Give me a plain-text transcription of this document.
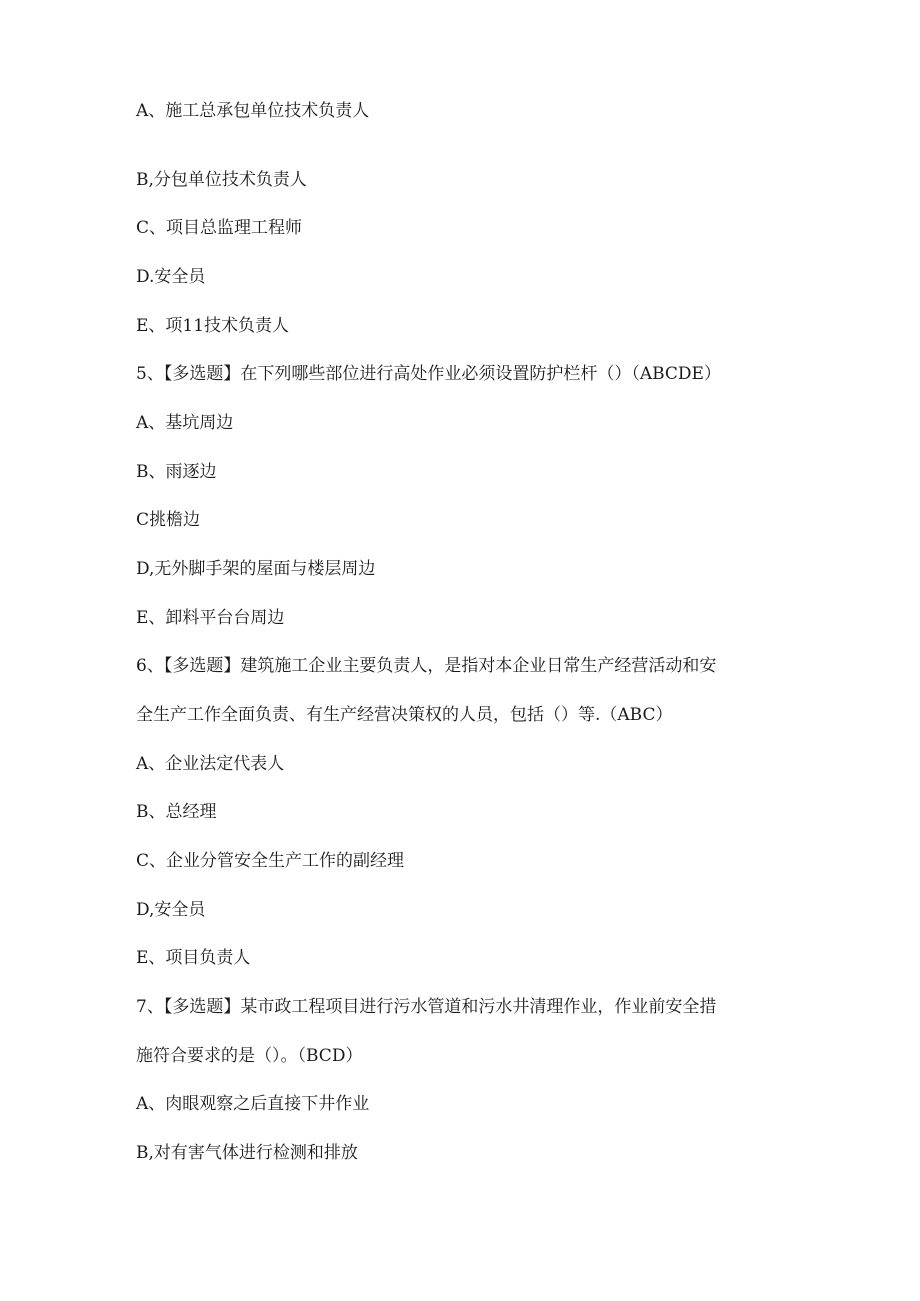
A、施工总承包单位技术负责人
B,分包单位技术负责人
C、项目总监理工程师
D.安全员
E、项11技术负责人
5、【多选题】在下列哪些部位进行高处作业必须设置防护栏杆（）（ABCDE）
A、基坑周边
B、雨逐边
C挑檐边
D,无外脚手架的屋面与楼层周边
E、卸料平台台周边
6、【多选题】建筑施工企业主要负责人，是指对本企业日常生产经营活动和安
全生产工作全面负责、有生产经营决策权的人员，包括（）等.（ABC）
A、企业法定代表人
B、总经理
C、企业分管安全生产工作的副经理
D,安全员
E、项目负责人
7、【多选题】某市政工程项目进行污水管道和污水井清理作业，作业前安全措
施符合要求的是（）。（BCD）
A、肉眼观察之后直接下井作业
B,对有害气体进行检测和排放
